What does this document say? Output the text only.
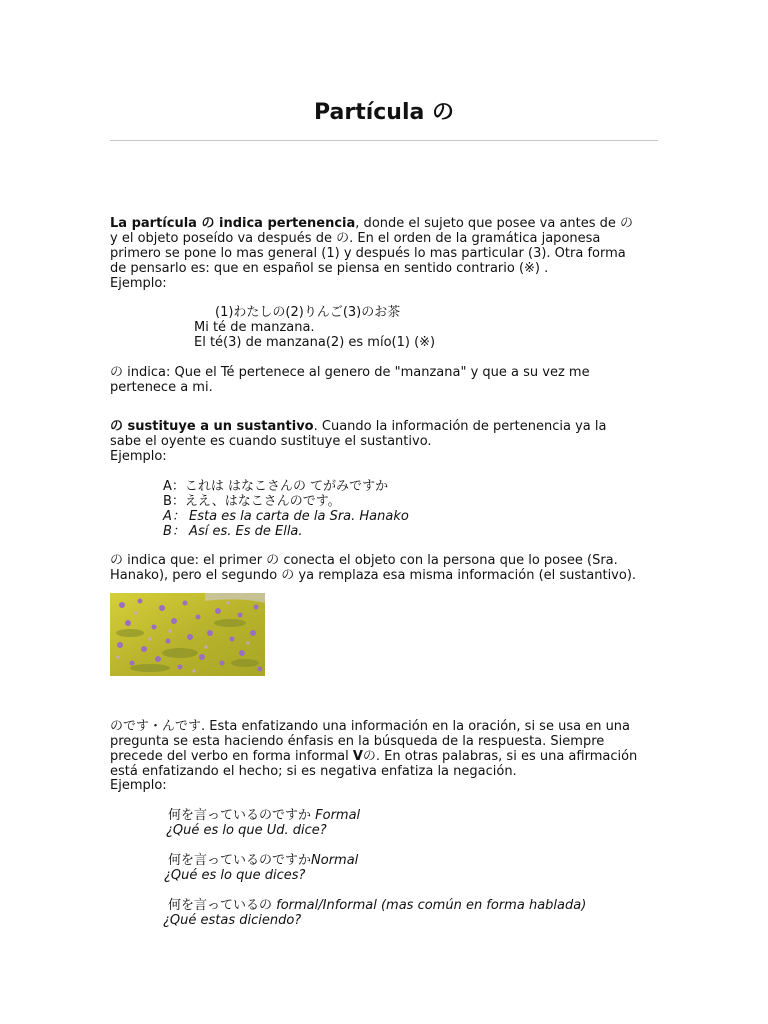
Partícula の
La partícula の indica pertenencia, donde el sujeto que posee va antes de の
y el objeto poseído va después de の. En el orden de la gramática japonesa
primero se pone lo mas general (1) y después lo mas particular (3). Otra forma
de pensarlo es: que en español se piensa en sentido contrario (※) .
Ejemplo:
(1)わたしの(2)りんご(3)のお茶
Mi té de manzana.
El té(3) de manzana(2) es mío(1) (※)
の indica: Que el Té pertenece al genero de "manzana" y que a su vez me
pertenece a mi.
の sustituye a un sustantivo. Cuando la información de pertenencia ya la
sabe el oyente es cuando sustituye el sustantivo.
Ejemplo:
A：これは はなこさんの てがみですか
B：ええ、はなこさんのです。
A： Esta es la carta de la Sra. Hanako
B： Así es. Es de Ella.
の indica que: el primer の conecta el objeto con la persona que lo posee (Sra.
Hanako), pero el segundo の ya remplaza esa misma información (el sustantivo).
のです・んです. Esta enfatizando una información en la oración, si se usa en una
pregunta se esta haciendo énfasis en la búsqueda de la respuesta. Siempre
precede del verbo en forma informal Vの. En otras palabras, si es una afirmación
está enfatizando el hecho; si es negativa enfatiza la negación.
Ejemplo:
何を言っているのですか Formal
¿Qué es lo que Ud. dice?
何を言っているのですかNormal
¿Qué es lo que dices?
何を言っているの formal/Informal (mas común en forma hablada)
¿Qué estas diciendo?
